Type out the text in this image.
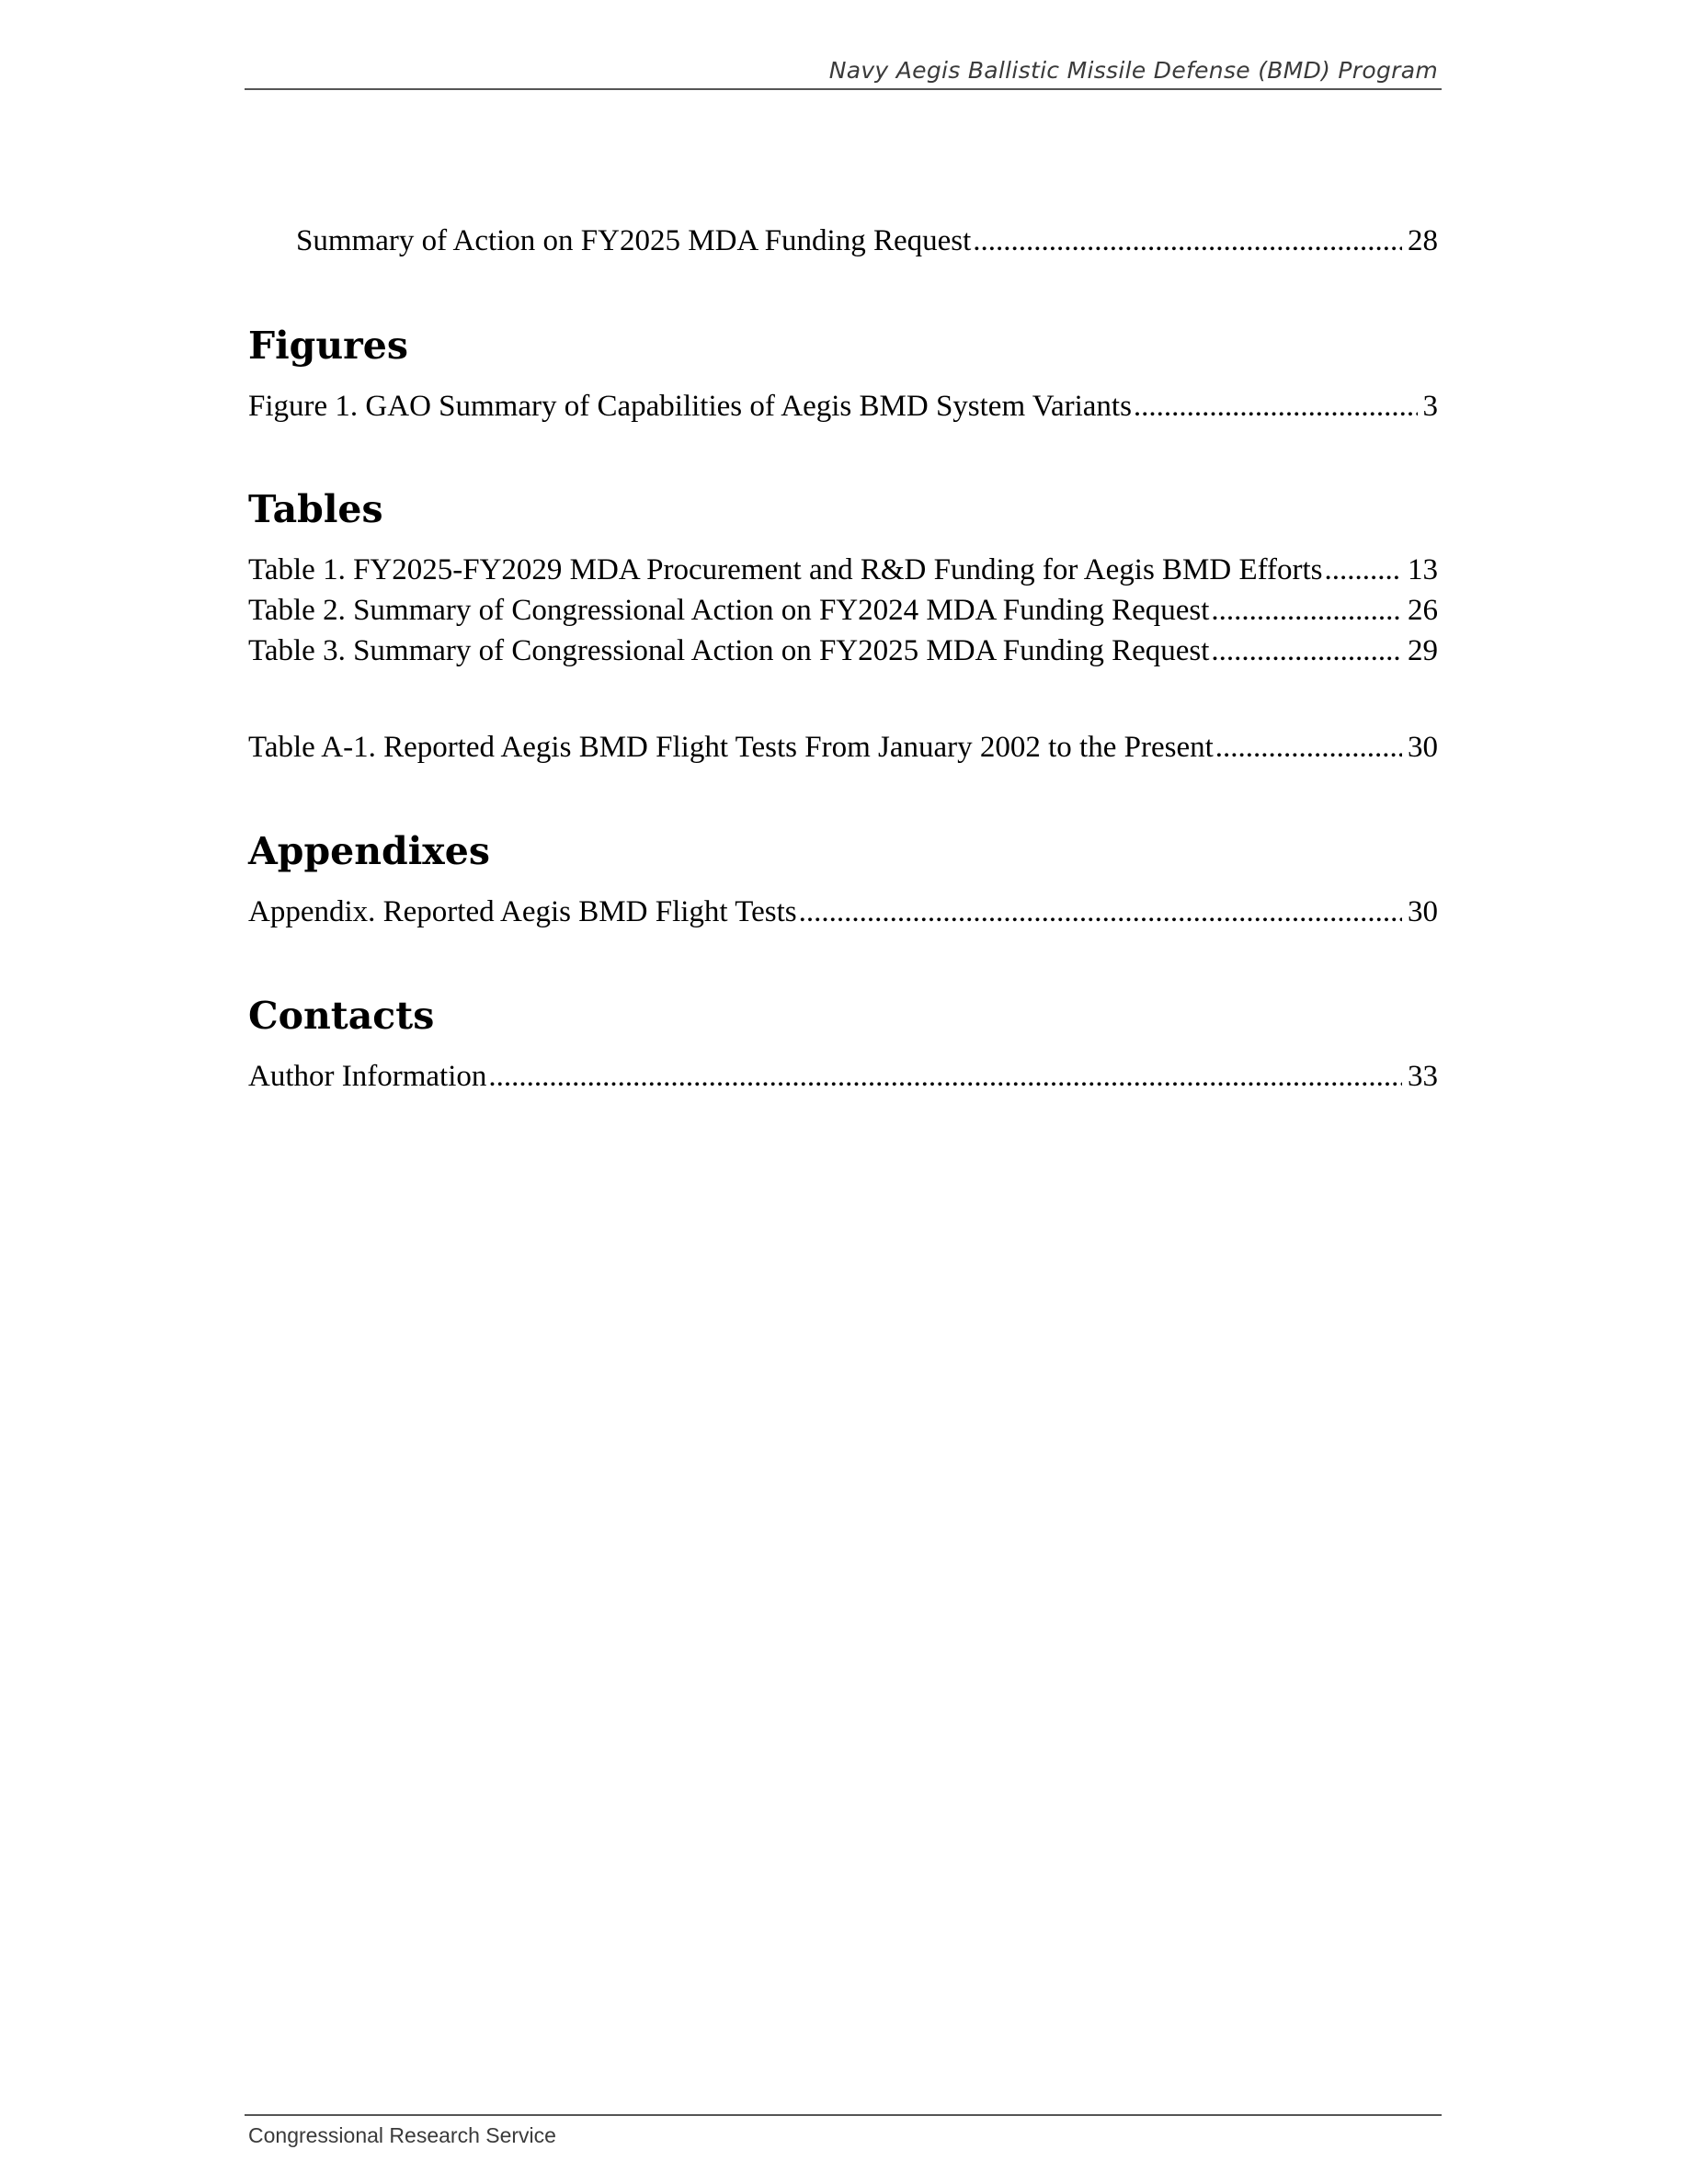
Navy Aegis Ballistic Missile Defense (BMD) Program
Summary of Action on FY2025 MDA Funding Request .....	28
Figures
Figure 1. GAO Summary of Capabilities of Aegis BMD System Variants .....	3
Tables
Table 1. FY2025-FY2029 MDA Procurement and R&D Funding for Aegis BMD Efforts .....	13
Table 2. Summary of Congressional Action on FY2024 MDA Funding Request .....	26
Table 3. Summary of Congressional Action on FY2025 MDA Funding Request .....	29
Table A-1. Reported Aegis BMD Flight Tests From January 2002 to the Present .....	30
Appendixes
Appendix. Reported Aegis BMD Flight Tests .....	30
Contacts
Author Information .....	33
Congressional Research Service
